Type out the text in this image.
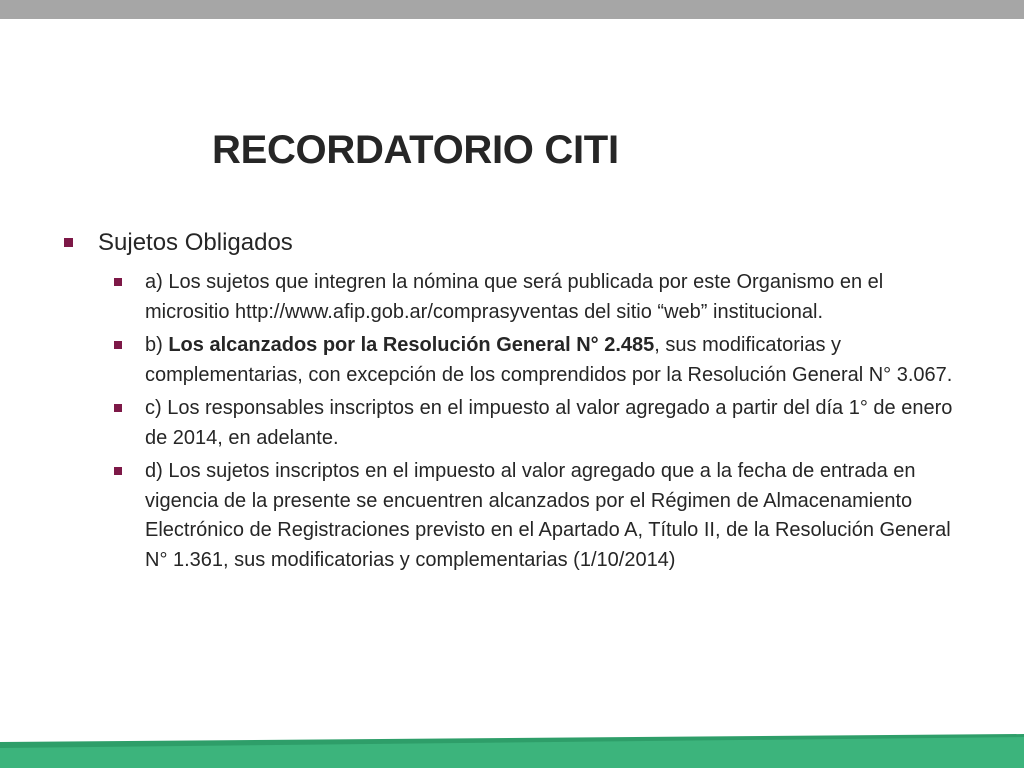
RECORDATORIO CITI
Sujetos Obligados
a) Los sujetos que integren la nómina que será publicada por este Organismo en el micrositio http://www.afip.gob.ar/comprasyventas del sitio “web” institucional.
b) Los alcanzados por la Resolución General N° 2.485, sus modificatorias y complementarias, con excepción de los comprendidos por la Resolución General N° 3.067.
c) Los responsables inscriptos en el impuesto al valor agregado a partir del día 1° de enero de 2014, en adelante.
d) Los sujetos inscriptos en el impuesto al valor agregado que a la fecha de entrada en vigencia de la presente se encuentren alcanzados por el Régimen de Almacenamiento Electrónico de Registraciones previsto en el Apartado A, Título II, de la Resolución General N° 1.361, sus modificatorias y complementarias (1/10/2014)
